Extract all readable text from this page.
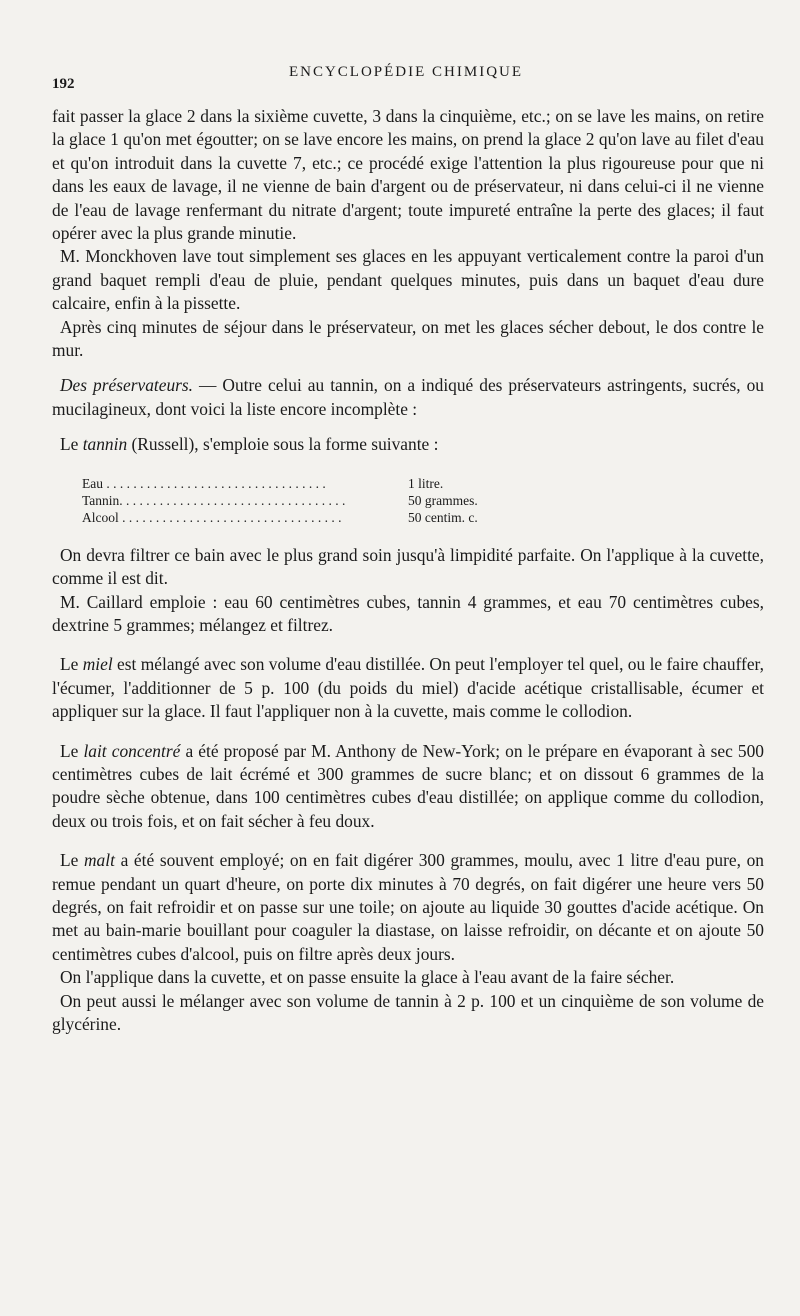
192
ENCYCLOPÉDIE CHIMIQUE

fait passer la glace 2 dans la sixième cuvette, 3 dans la cinquième, etc.; on se lave les mains, on retire la glace 1 qu'on met égoutter; on se lave encore les mains, on prend la glace 2 qu'on lave au filet d'eau et qu'on introduit dans la cuvette 7, etc.; ce procédé exige l'attention la plus rigoureuse pour que ni dans les eaux de lavage, il ne vienne de bain d'argent ou de préservateur, ni dans celui-ci il ne vienne de l'eau de lavage renfermant du nitrate d'argent; toute impureté entraîne la perte des glaces; il faut opérer avec la plus grande minutie.

M. Monckhoven lave tout simplement ses glaces en les appuyant verticalement contre la paroi d'un grand baquet rempli d'eau de pluie, pendant quelques minutes, puis dans un baquet d'eau dure calcaire, enfin à la pissette.

Après cinq minutes de séjour dans le préservateur, on met les glaces sécher debout, le dos contre le mur.

Des préservateurs. — Outre celui au tannin, on a indiqué des préservateurs astringents, sucrés, ou mucilagineux, dont voici la liste encore incomplète :

Le tannin (Russell), s'emploie sous la forme suivante :

Eau . . .	1 litre.
Tannin. . . .	50 grammes.
Alcool . . .	50 centim. c.

On devra filtrer ce bain avec le plus grand soin jusqu'à limpidité parfaite. On l'applique à la cuvette, comme il est dit.

M. Caillard emploie : eau 60 centimètres cubes, tannin 4 grammes, et eau 70 centimètres cubes, dextrine 5 grammes; mélangez et filtrez.

Le miel est mélangé avec son volume d'eau distillée. On peut l'employer tel quel, ou le faire chauffer, l'écumer, l'additionner de 5 p. 100 (du poids du miel) d'acide acétique cristallisable, écumer et appliquer sur la glace. Il faut l'appliquer non à la cuvette, mais comme le collodion.

Le lait concentré a été proposé par M. Anthony de New-York; on le prépare en évaporant à sec 500 centimètres cubes de lait écrémé et 300 grammes de sucre blanc; et on dissout 6 grammes de la poudre sèche obtenue, dans 100 centimètres cubes d'eau distillée; on applique comme du collodion, deux ou trois fois, et on fait sécher à feu doux.

Le malt a été souvent employé; on en fait digérer 300 grammes, moulu, avec 1 litre d'eau pure, on remue pendant un quart d'heure, on porte dix minutes à 70 degrés, on fait digérer une heure vers 50 degrés, on fait refroidir et on passe sur une toile; on ajoute au liquide 30 gouttes d'acide acétique. On met au bain-marie bouillant pour coaguler la diastase, on laisse refroidir, on décante et on ajoute 50 centimètres cubes d'alcool, puis on filtre après deux jours.

On l'applique dans la cuvette, et on passe ensuite la glace à l'eau avant de la faire sécher.

On peut aussi le mélanger avec son volume de tannin à 2 p. 100 et un cinquième de son volume de glycérine.
